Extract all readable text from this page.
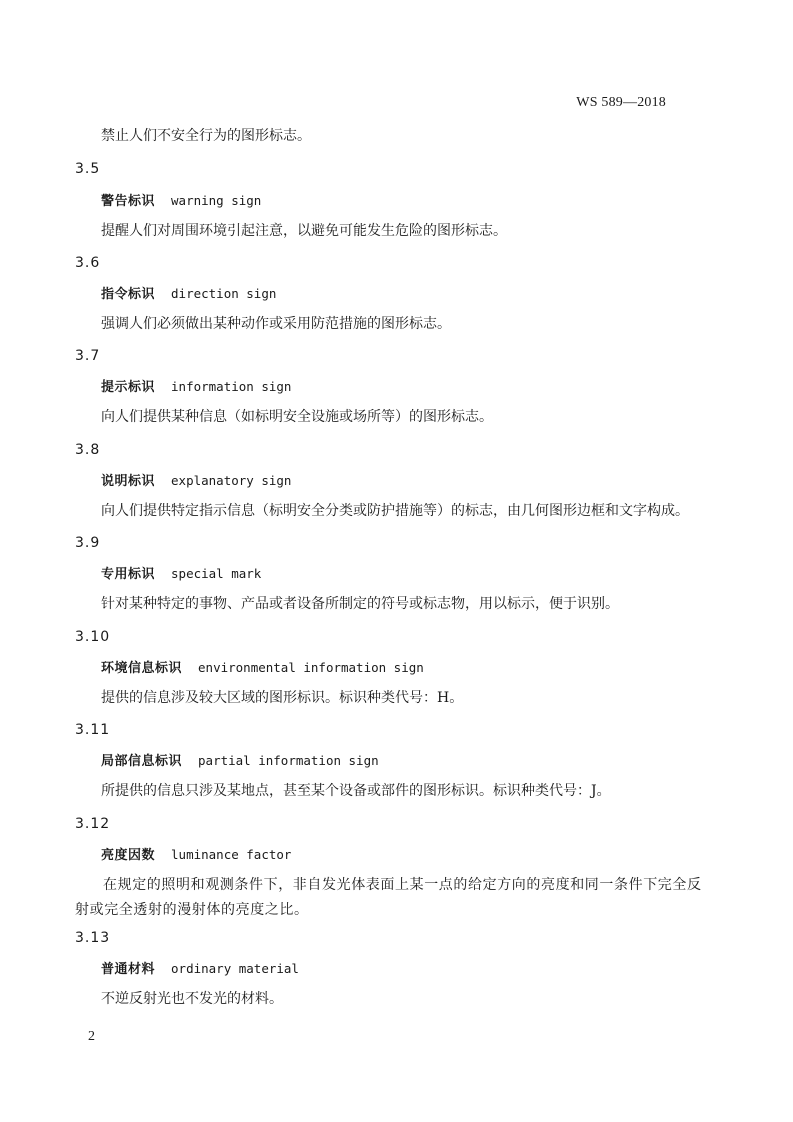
WS 589—2018
禁止人们不安全行为的图形标志。
3.5
警告标识 warning sign
提醒人们对周围环境引起注意，以避免可能发生危险的图形标志。
3.6
指令标识 direction sign
强调人们必须做出某种动作或采用防范措施的图形标志。
3.7
提示标识 information sign
向人们提供某种信息（如标明安全设施或场所等）的图形标志。
3.8
说明标识 explanatory sign
向人们提供特定指示信息（标明安全分类或防护措施等）的标志，由几何图形边框和文字构成。
3.9
专用标识 special mark
针对某种特定的事物、产品或者设备所制定的符号或标志物，用以标示，便于识别。
3.10
环境信息标识 environmental information sign
提供的信息涉及较大区域的图形标识。标识种类代号：H。
3.11
局部信息标识 partial information sign
所提供的信息只涉及某地点，甚至某个设备或部件的图形标识。标识种类代号：J。
3.12
亮度因数 luminance factor
在规定的照明和观测条件下，非自发光体表面上某一点的给定方向的亮度和同一条件下完全反射或完全透射的漫射体的亮度之比。
3.13
普通材料 ordinary material
不逆反射光也不发光的材料。
2
